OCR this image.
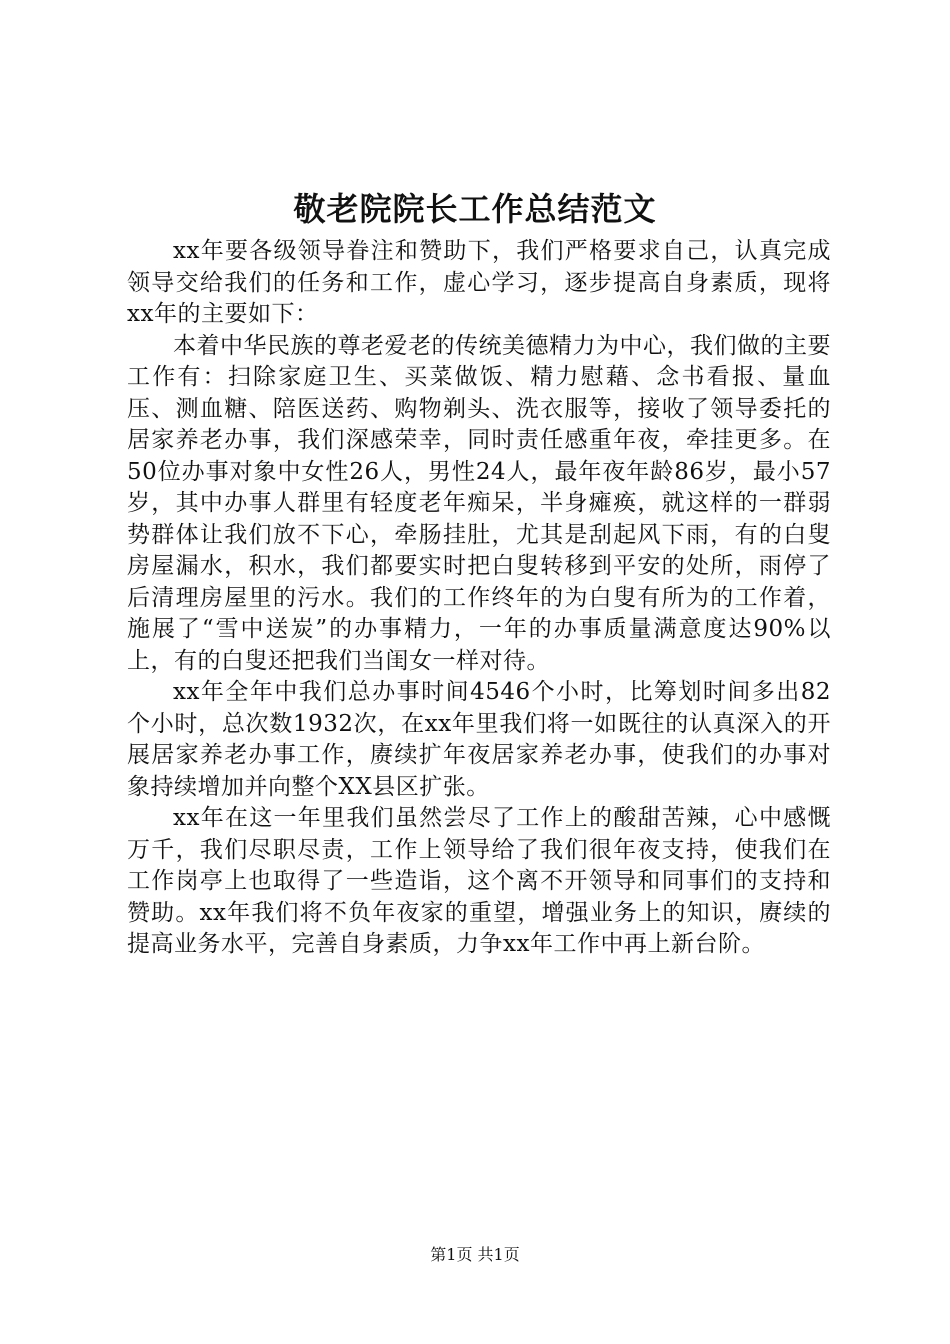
敬老院院长工作总结范文

xx年要各级领导眷注和赞助下，我们严格要求自己，认真完成领导交给我们的任务和工作，虚心学习，逐步提高自身素质，现将xx年的主要如下：

本着中华民族的尊老爱老的传统美德精力为中心，我们做的主要工作有：扫除家庭卫生、买菜做饭、精力慰藉、念书看报、量血压、测血糖、陪医送药、购物剃头、洗衣服等，接收了领导委托的居家养老办事，我们深感荣幸，同时责任感重年夜，牵挂更多。在50位办事对象中女性26人，男性24人，最年夜年龄86岁，最小57岁，其中办事人群里有轻度老年痴呆，半身瘫痪，就这样的一群弱势群体让我们放不下心，牵肠挂肚，尤其是刮起风下雨，有的白叟房屋漏水，积水，我们都要实时把白叟转移到平安的处所，雨停了后清理房屋里的污水。我们的工作终年的为白叟有所为的工作着，施展了“雪中送炭”的办事精力，一年的办事质量满意度达90%以上，有的白叟还把我们当闺女一样对待。

xx年全年中我们总办事时间4546个小时，比筹划时间多出82个小时，总次数1932次，在xx年里我们将一如既往的认真深入的开展居家养老办事工作，赓续扩年夜居家养老办事，使我们的办事对象持续增加并向整个XX县区扩张。

xx年在这一年里我们虽然尝尽了工作上的酸甜苦辣，心中感慨万千，我们尽职尽责，工作上领导给了我们很年夜支持，使我们在工作岗亭上也取得了一些造诣，这个离不开领导和同事们的支持和赞助。xx年我们将不负年夜家的重望，增强业务上的知识，赓续的提高业务水平，完善自身素质，力争xx年工作中再上新台阶。

第1页 共1页
